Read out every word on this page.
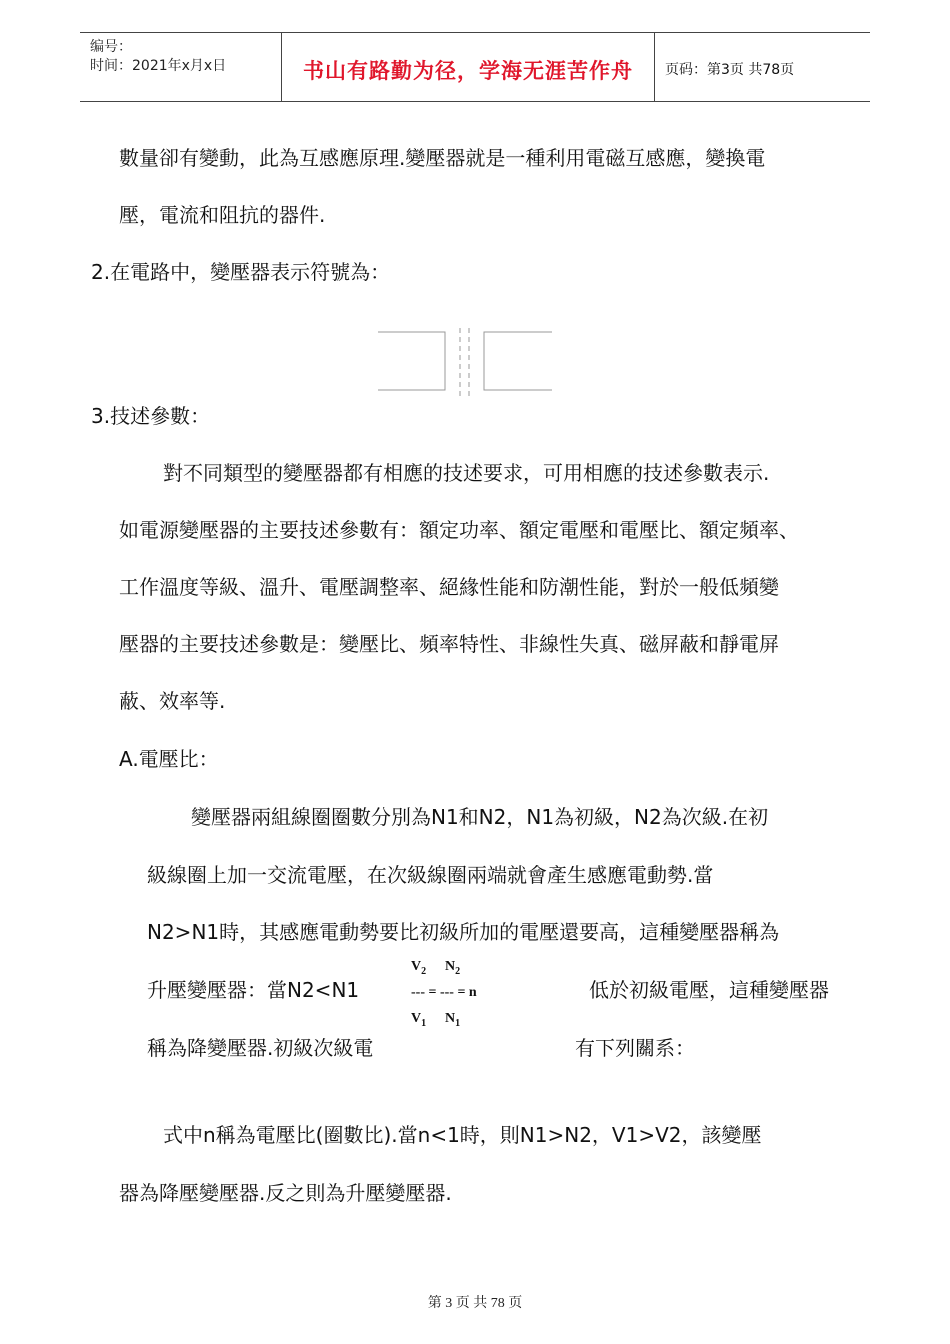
编号：
时间：2021年x月x日	书山有路勤为径，学海无涯苦作舟	页码：第3页 共78页
數量卻有變動，此為互感應原理.變壓器就是一種利用電磁互感應，變換電
壓，電流和阻抗的器件.
2.在電路中，變壓器表示符號為：
3.技述參數：
對不同類型的變壓器都有相應的技述要求，可用相應的技述參數表示.
如電源變壓器的主要技述參數有：額定功率、額定電壓和電壓比、額定頻率、
工作溫度等級、溫升、電壓調整率、絕緣性能和防潮性能，對於一般低頻變
壓器的主要技述參數是：變壓比、頻率特性、非線性失真、磁屏蔽和靜電屏
蔽、效率等.
A.電壓比：
變壓器兩組線圈圈數分別為N1和N2，N1為初級，N2為次級.在初
級線圈上加一交流電壓，在次級線圈兩端就會產生感應電動勢.當
N2>N1時，其感應電動勢要比初級所加的電壓還要高，這種變壓器稱為
升壓變壓器：當N2<N1	低於初級電壓，這種變壓器
稱為降變壓器.初級次級電	有下列關系：
$V_2$ $N_2$
--- = --- = n
$V_1$ $N_1$
式中n稱為電壓比(圈數比).當n<1時，則N1>N2，V1>V2，該變壓
器為降壓變壓器.反之則為升壓變壓器.
第 3 页 共 78 页
